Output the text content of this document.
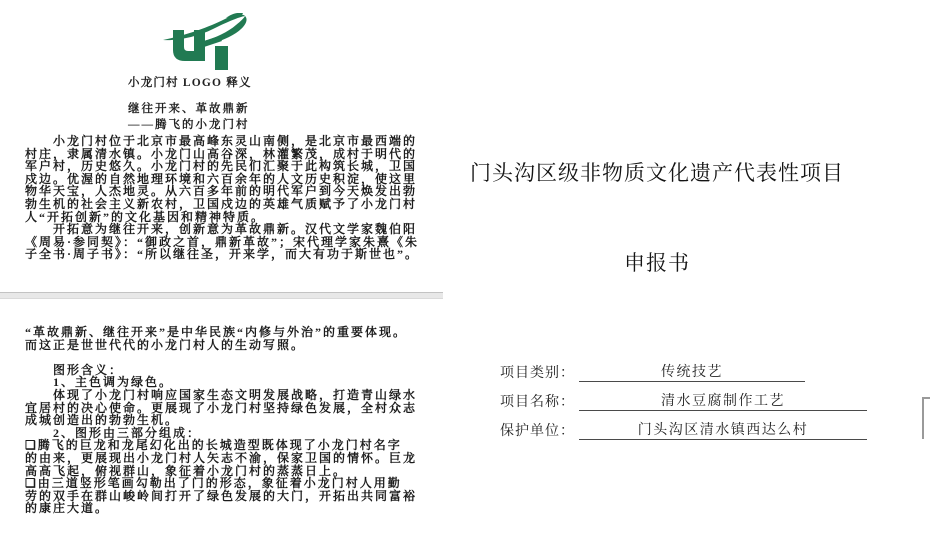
小龙门村 LOGO 释义
继往开来、革故鼎新
——腾飞的小龙门村
　　小龙门村位于北京市最高峰东灵山南侧，是北京市最西端的
村庄，隶属清水镇。小龙门山高谷深，林灌繁茂，成村于明代的
军户村，历史悠久。小龙门村的先民们汇聚于此构筑长城，卫国
戍边。优渥的自然地理环境和六百余年的人文历史积淀，使这里
物华天宝，人杰地灵。从六百多年前的明代军户到今天焕发出勃
勃生机的社会主义新农村，卫国戍边的英雄气质赋予了小龙门村
人“开拓创新”的文化基因和精神特质。
　　开拓意为继往开来，创新意为革故鼎新。汉代文学家魏伯阳
《周易·参同契》：“御政之首，鼎新革故”；宋代理学家朱熹《朱
子全书·周子书》：“所以继往圣，开来学，而大有功于斯世也”。
“革故鼎新、继往开来”是中华民族“内修与外治”的重要体现。
而这正是世世代代的小龙门村人的生动写照。
　　图形含义：
　　1、主色调为绿色。
　　体现了小龙门村响应国家生态文明发展战略，打造青山绿水
宜居村的决心使命。更展现了小龙门村坚持绿色发展，全村众志
成城创造出的勃勃生机。
　　2、图形由三部分组成：
❑腾飞的巨龙和龙尾幻化出的长城造型既体现了小龙门村名字
的由来，更展现出小龙门村人矢志不渝，保家卫国的情怀。巨龙
高高飞起，俯视群山，象征着小龙门村的蒸蒸日上。
❑由三道竖形笔画勾勒出了门的形态，象征着小龙门村人用勤
劳的双手在群山峻岭间打开了绿色发展的大门，开拓出共同富裕
的康庄大道。

门头沟区级非物质文化遗产代表性项目

申报书

项目类别：	传统技艺
项目名称：	清水豆腐制作工艺
保护单位：	门头沟区清水镇西达么村
